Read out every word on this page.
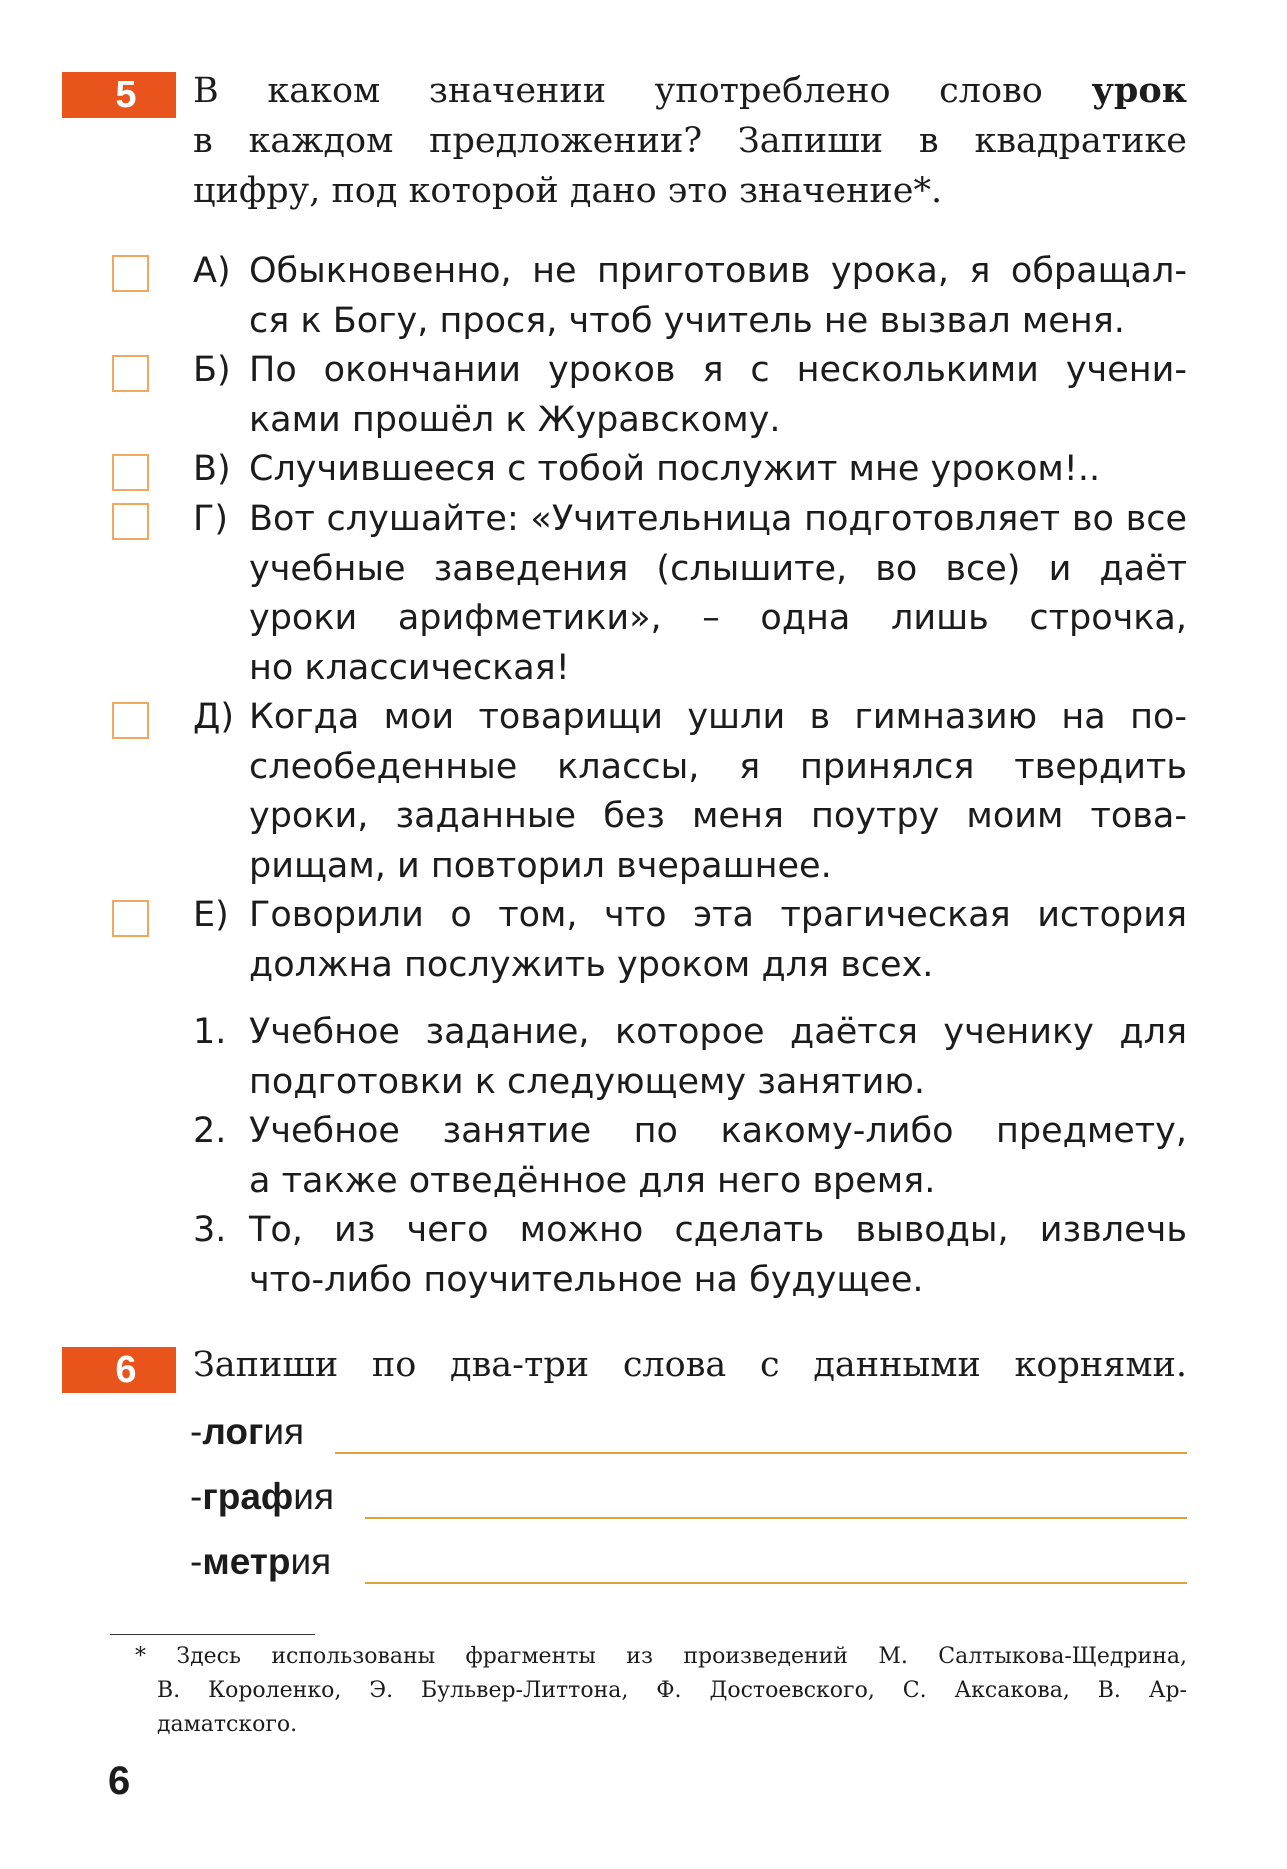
5	В каком значении употреблено слово урок

в каждом предложении? Запиши в квадратике

цифру, под которой дано это значение*.

А) Обыкновенно, не приготовив урока, я обращал-

ся к Богу, прося, чтоб учитель не вызвал меня.

Б) По окончании уроков я с несколькими учени-

ками прошёл к Журавскому.

В) Случившееся с тобой послужит мне уроком!..

Г) Вот слушайте: «Учительница подготовляет во все

учебные заведения (слышите, во все) и даёт

уроки арифметики», – одна лишь строчка,

но классическая!

Д) Когда мои товарищи ушли в гимназию на по-

слеобеденные классы, я принялся твердить

уроки, заданные без меня поутру моим това-

рищам, и повторил вчерашнее.

Е) Говорили о том, что эта трагическая история

должна послужить уроком для всех.

1. Учебное задание, которое даётся ученику для

подготовки к следующему занятию.

2. Учебное занятие по какому-либо предмету,

а также отведённое для него время.

3. То, из чего можно сделать выводы, извлечь

что-либо поучительное на будущее.

6	Запиши по два-три слова с данными корнями.

-логия
-графия
-метрия

* Здесь использованы фрагменты из произведений М. Салтыкова-Щедрина,

В. Короленко, Э. Бульвер-Литтона, Ф. Достоевского, С. Аксакова, В. Ар-

даматского.

6
